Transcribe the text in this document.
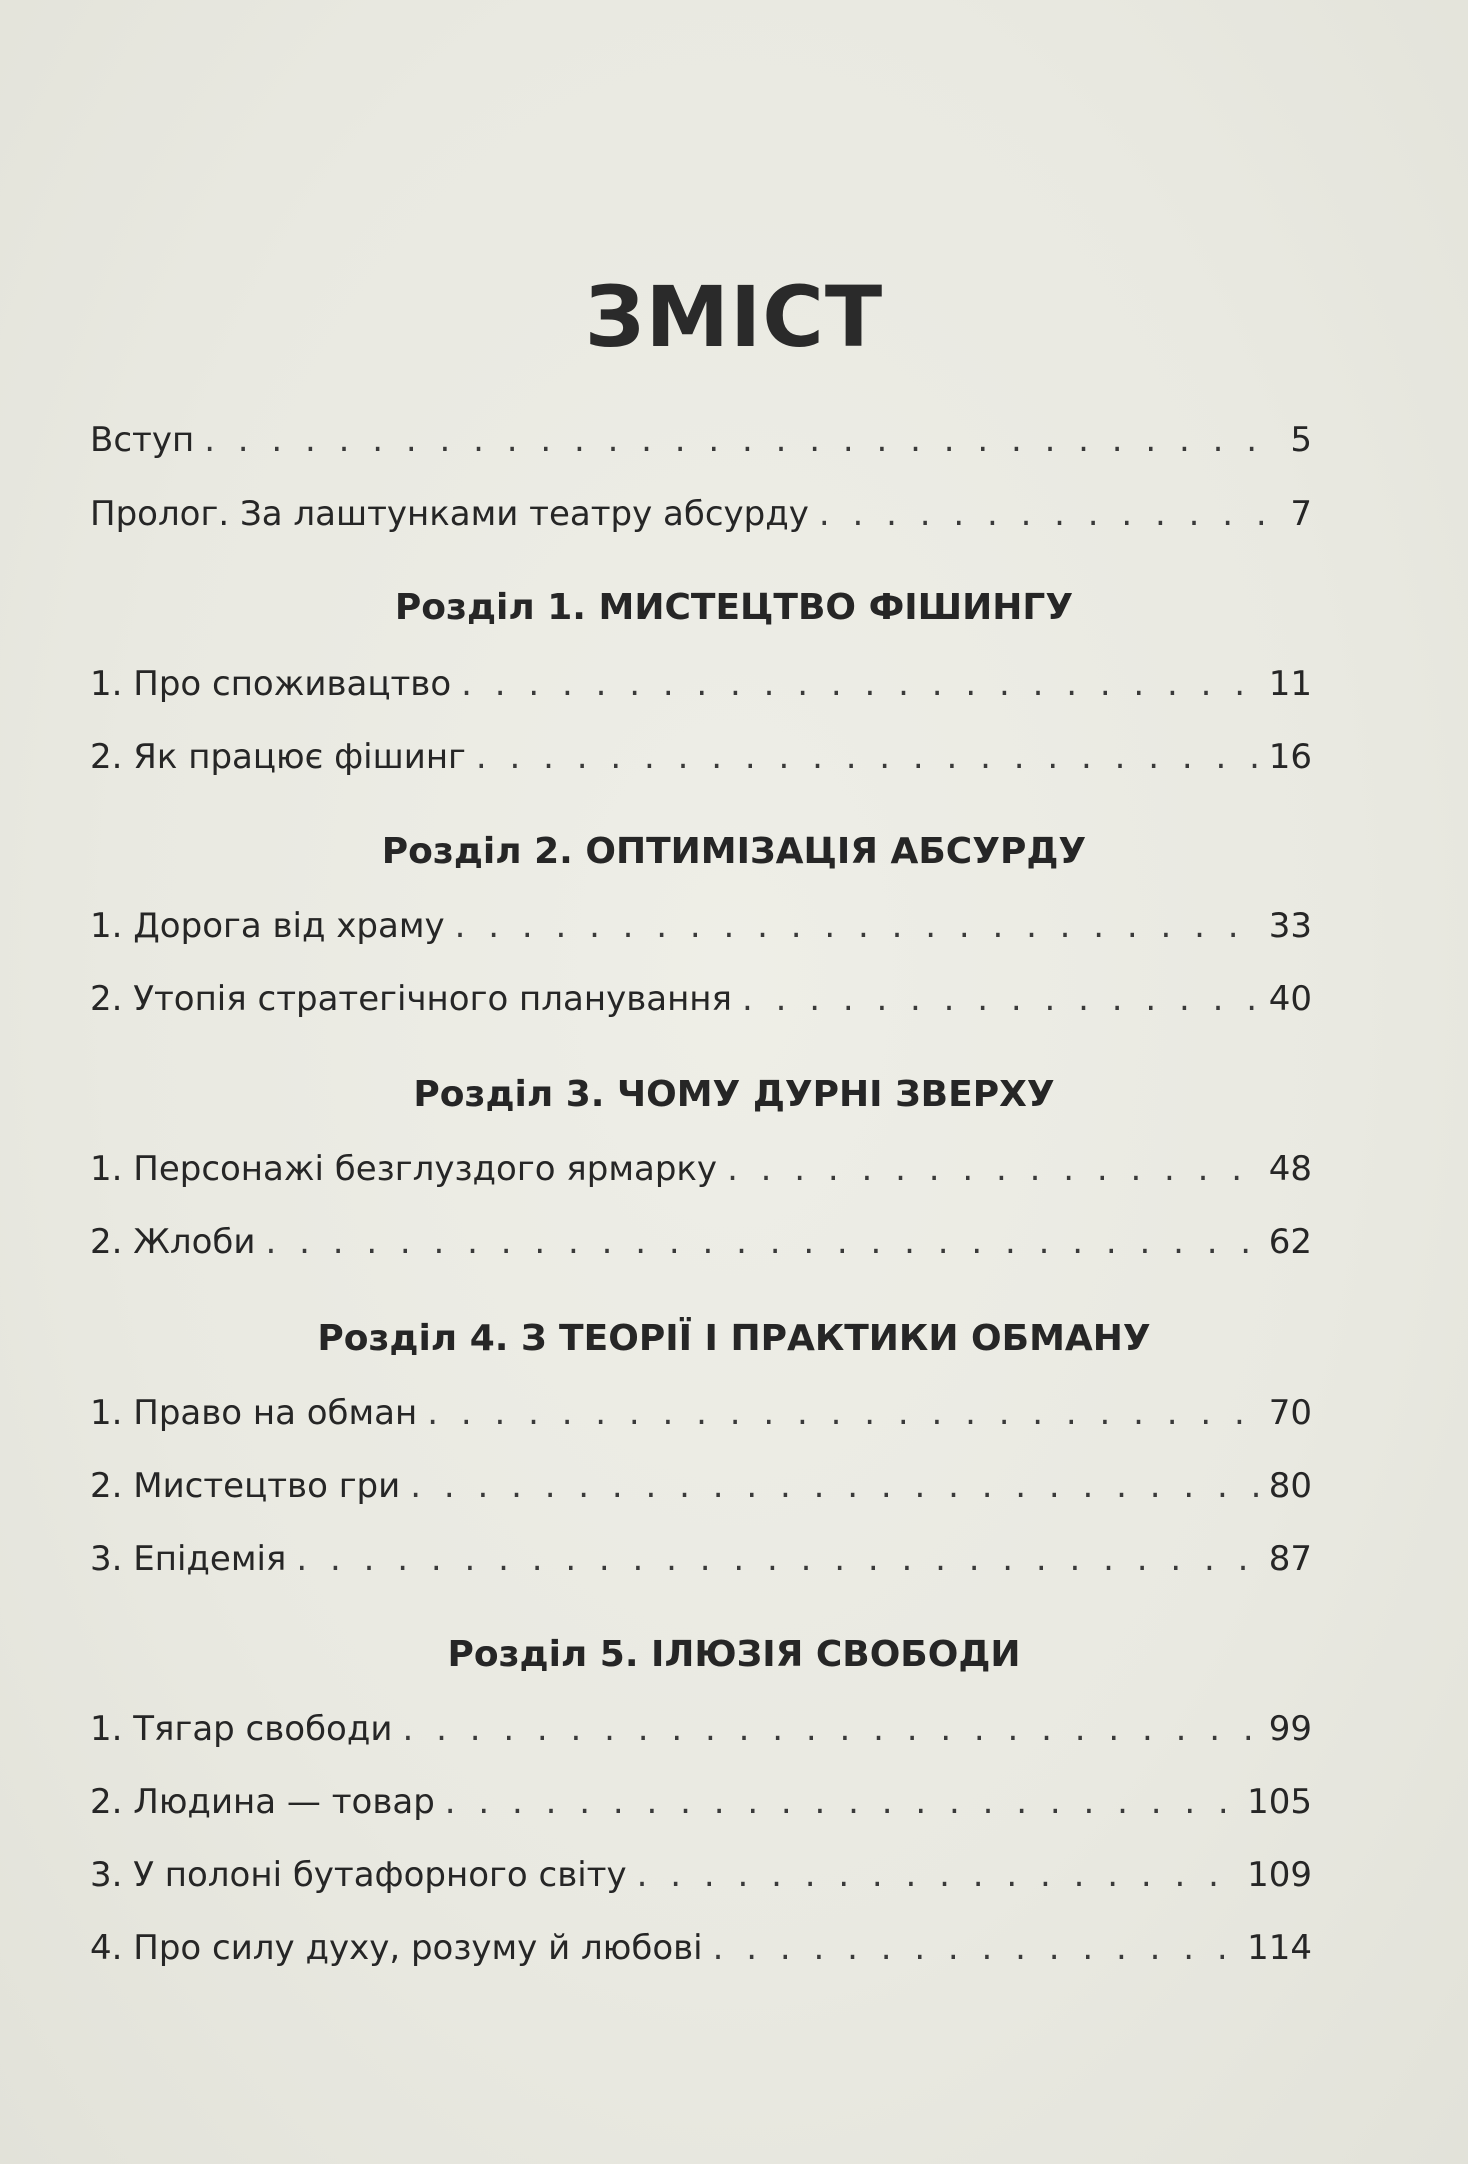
ЗМІСТ
Вступ . . .	5
Пролог. За лаштунками театру абсурду . . .	7
Розділ 1. МИСТЕЦТВО ФІШИНГУ
1. Про споживацтво . . .	11
2. Як працює фішинг . . .	16
Розділ 2. ОПТИМІЗАЦІЯ АБСУРДУ
1. Дорога від храму . . .	33
2. Утопія стратегічного планування . . .	40
Розділ 3. ЧОМУ ДУРНІ ЗВЕРХУ
1. Персонажі безглуздого ярмарку . . .	48
2. Жлоби . . .	62
Розділ 4. З ТЕОРІЇ І ПРАКТИКИ ОБМАНУ
1. Право на обман . . .	70
2. Мистецтво гри . . .	80
3. Епідемія . . .	87
Розділ 5. ІЛЮЗІЯ СВОБОДИ
1. Тягар свободи . . .	99
2. Людина — товар . . .	105
3. У полоні бутафорного світу . . .	109
4. Про силу духу, розуму й любові . . .	114
